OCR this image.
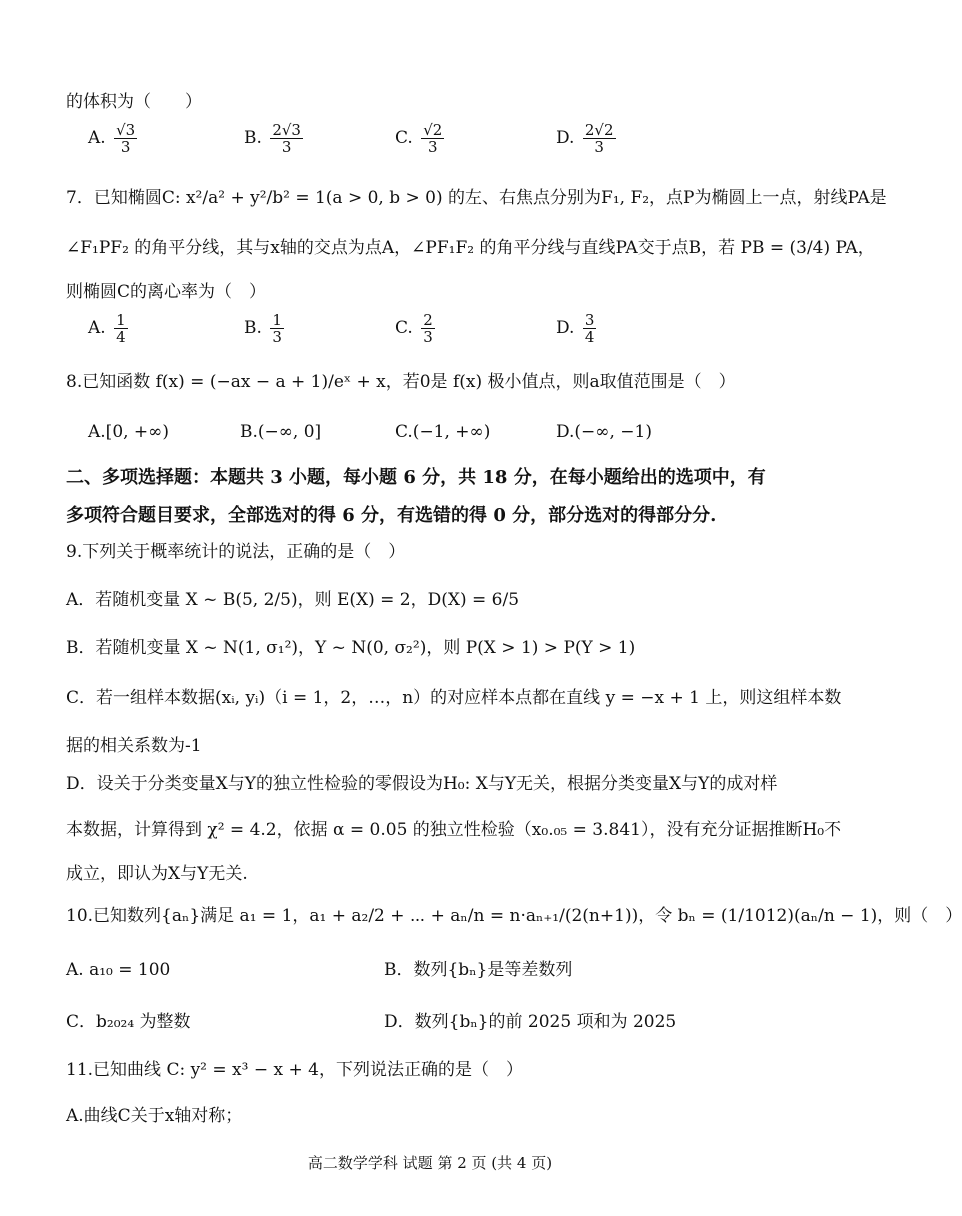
的体积为（　　）
A. $\frac{√3}{3}$	B. $\frac{2√3}{3}$	C. $\frac{√2}{3}$	D. $\frac{2√2}{3}$
7．已知椭圆C: x²/a² + y²/b² = 1(a > 0, b > 0) 的左、右焦点分别为F₁, F₂，点P为椭圆上一点，射线PA是
∠F₁PF₂ 的角平分线，其与x轴的交点为点A，∠PF₁F₂ 的角平分线与直线PA交于点B，若 PB = (3/4) PA，
则椭圆C的离心率为（　）
A. $\frac{1}{4}$	B. $\frac{1}{3}$	C. $\frac{2}{3}$	D. $\frac{3}{4}$
8.已知函数 f(x) = (−ax − a + 1)/eˣ + x，若0是 f(x) 极小值点，则a取值范围是（　）
A.[0, +∞)	B.(−∞, 0]	C.(−1, +∞)	D.(−∞, −1)
二、多项选择题：本题共 3 小题，每小题 6 分，共 18 分，在每小题给出的选项中，有
多项符合题目要求，全部选对的得 6 分，有选错的得 0 分，部分选对的得部分分.
9.下列关于概率统计的说法，正确的是（　）
A．若随机变量 X ~ B(5, 2/5)，则 E(X) = 2，D(X) = 6/5
B．若随机变量 X ~ N(1, σ₁²)，Y ~ N(0, σ₂²)，则 P(X > 1) > P(Y > 1)
C．若一组样本数据(xᵢ, yᵢ)（i = 1，2，…，n）的对应样本点都在直线 y = −x + 1 上，则这组样本数
据的相关系数为-1
D．设关于分类变量X与Y的独立性检验的零假设为H₀: X与Y无关，根据分类变量X与Y的成对样
本数据，计算得到 χ² = 4.2，依据 α = 0.05 的独立性检验（x₀.₀₅ = 3.841），没有充分证据推断H₀不
成立，即认为X与Y无关.
10.已知数列{aₙ}满足 a₁ = 1，a₁ + a₂/2 + ⋯ + aₙ/n = n·aₙ₊₁/(2(n+1))，令 bₙ = (1/1012)(aₙ/n − 1)，则（　）
A. a₁₀ = 100	B．数列{bₙ}是等差数列
C．b₂₀₂₄ 为整数	D．数列{bₙ}的前 2025 项和为 2025
11.已知曲线 C: y² = x³ − x + 4，下列说法正确的是（　）
A.曲线C关于x轴对称；
高二数学学科 试题 第 2 页 (共 4 页)
